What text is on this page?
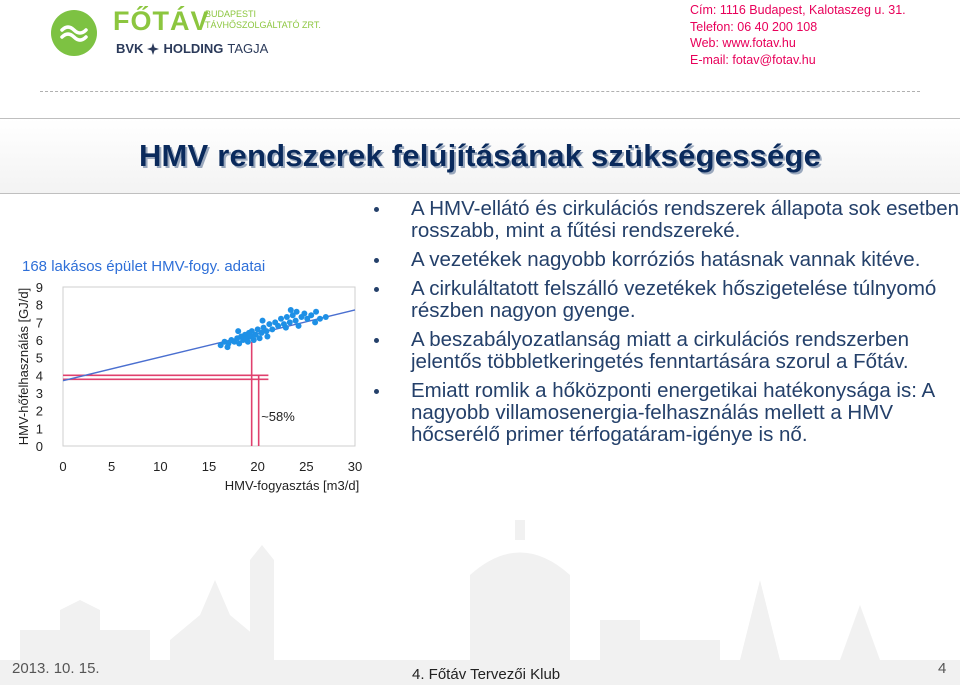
FŐTÁV
BUDAPESTI
TÁVHŐSZOLGÁLTATÓ ZRT.
BVK HOLDING TAGJA
Cím: 1116 Budapest, Kalotaszeg u. 31.
Telefon: 06 40 200 108
Web: www.fotav.hu
E-mail: fotav@fotav.hu
HMV rendszerek felújításának szükségessége
168 lakásos épület HMV-fogy. adatai
0
1
2
3
4
5
6
7
8
9
0	5	10	15	20	25	30
HMV-fogyasztás [m3/d]
HMV-hőfelhasználás [GJ/d]	~58%
A HMV-ellátó és cirkulációs rendszerek állapota sok esetben rosszabb, mint a fűtési rendszereké.
A vezetékek nagyobb korróziós hatásnak vannak kitéve.
A cirkuláltatott felszálló vezetékek hőszigetelése túlnyomó részben nagyon gyenge.
A beszabályozatlanság miatt a cirkulációs rendszerben jelentős többletkeringetés fenntartására szorul a Főtáv.
Emiatt romlik a hőközponti energetikai hatékonysága is: A nagyobb villamosenergia-felhasználás mellett a HMV hőcserélő primer térfogatáram-igénye is nő.
2013. 10. 15.	4. Főtáv Tervezői Klub	4
